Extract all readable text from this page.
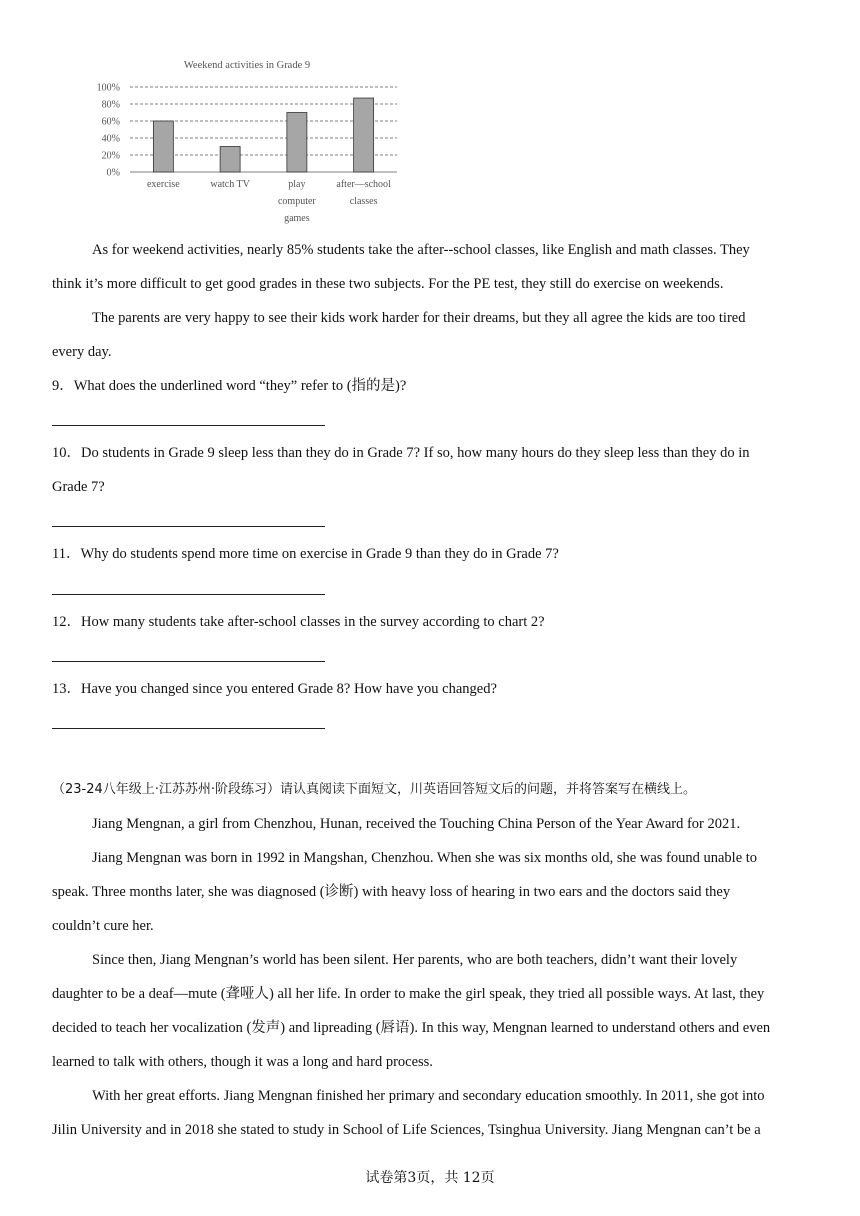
Weekend activities in Grade 9
0%
20%
40%
60%
80%
100%
exercise	watch TV	play
computer
games
after—school
classes
As for weekend activities, nearly 85% students take the after--school classes, like English and math classes. They
think it’s more difficult to get good grades in these two subjects. For the PE test, they still do exercise on weekends.
The parents are very happy to see their kids work harder for their dreams, but they all agree the kids are too tired
every day.
9．What does the underlined word “they” refer to (指的是)?
10．Do students in Grade 9 sleep less than they do in Grade 7? If so, how many hours do they sleep less than they do in
Grade 7?
11．Why do students spend more time on exercise in Grade 9 than they do in Grade 7?
12．How many students take after-school classes in the survey according to chart 2?
13．Have you changed since you entered Grade 8? How have you changed?
（23-24八年级上·江苏苏州·阶段练习）请认真阅读下面短文，川英语回答短文后的问题，并将答案写在横线上。
Jiang Mengnan, a girl from Chenzhou, Hunan, received the Touching China Person of the Year Award for 2021.
Jiang Mengnan was born in 1992 in Mangshan, Chenzhou. When she was six months old, she was found unable to
speak. Three months later, she was diagnosed (诊断) with heavy loss of hearing in two ears and the doctors said they
couldn’t cure her.
Since then, Jiang Mengnan’s world has been silent. Her parents, who are both teachers, didn’t want their lovely
daughter to be a deaf—mute (聋哑人) all her life. In order to make the girl speak, they tried all possible ways. At last, they
decided to teach her vocalization (发声) and lipreading (唇语). In this way, Mengnan learned to understand others and even
learned to talk with others, though it was a long and hard process.
With her great efforts. Jiang Mengnan finished her primary and secondary education smoothly. In 2011, she got into
Jilin University and in 2018 she stated to study in School of Life Sciences, Tsinghua University. Jiang Mengnan can’t be a
试卷第3页，共 12页
